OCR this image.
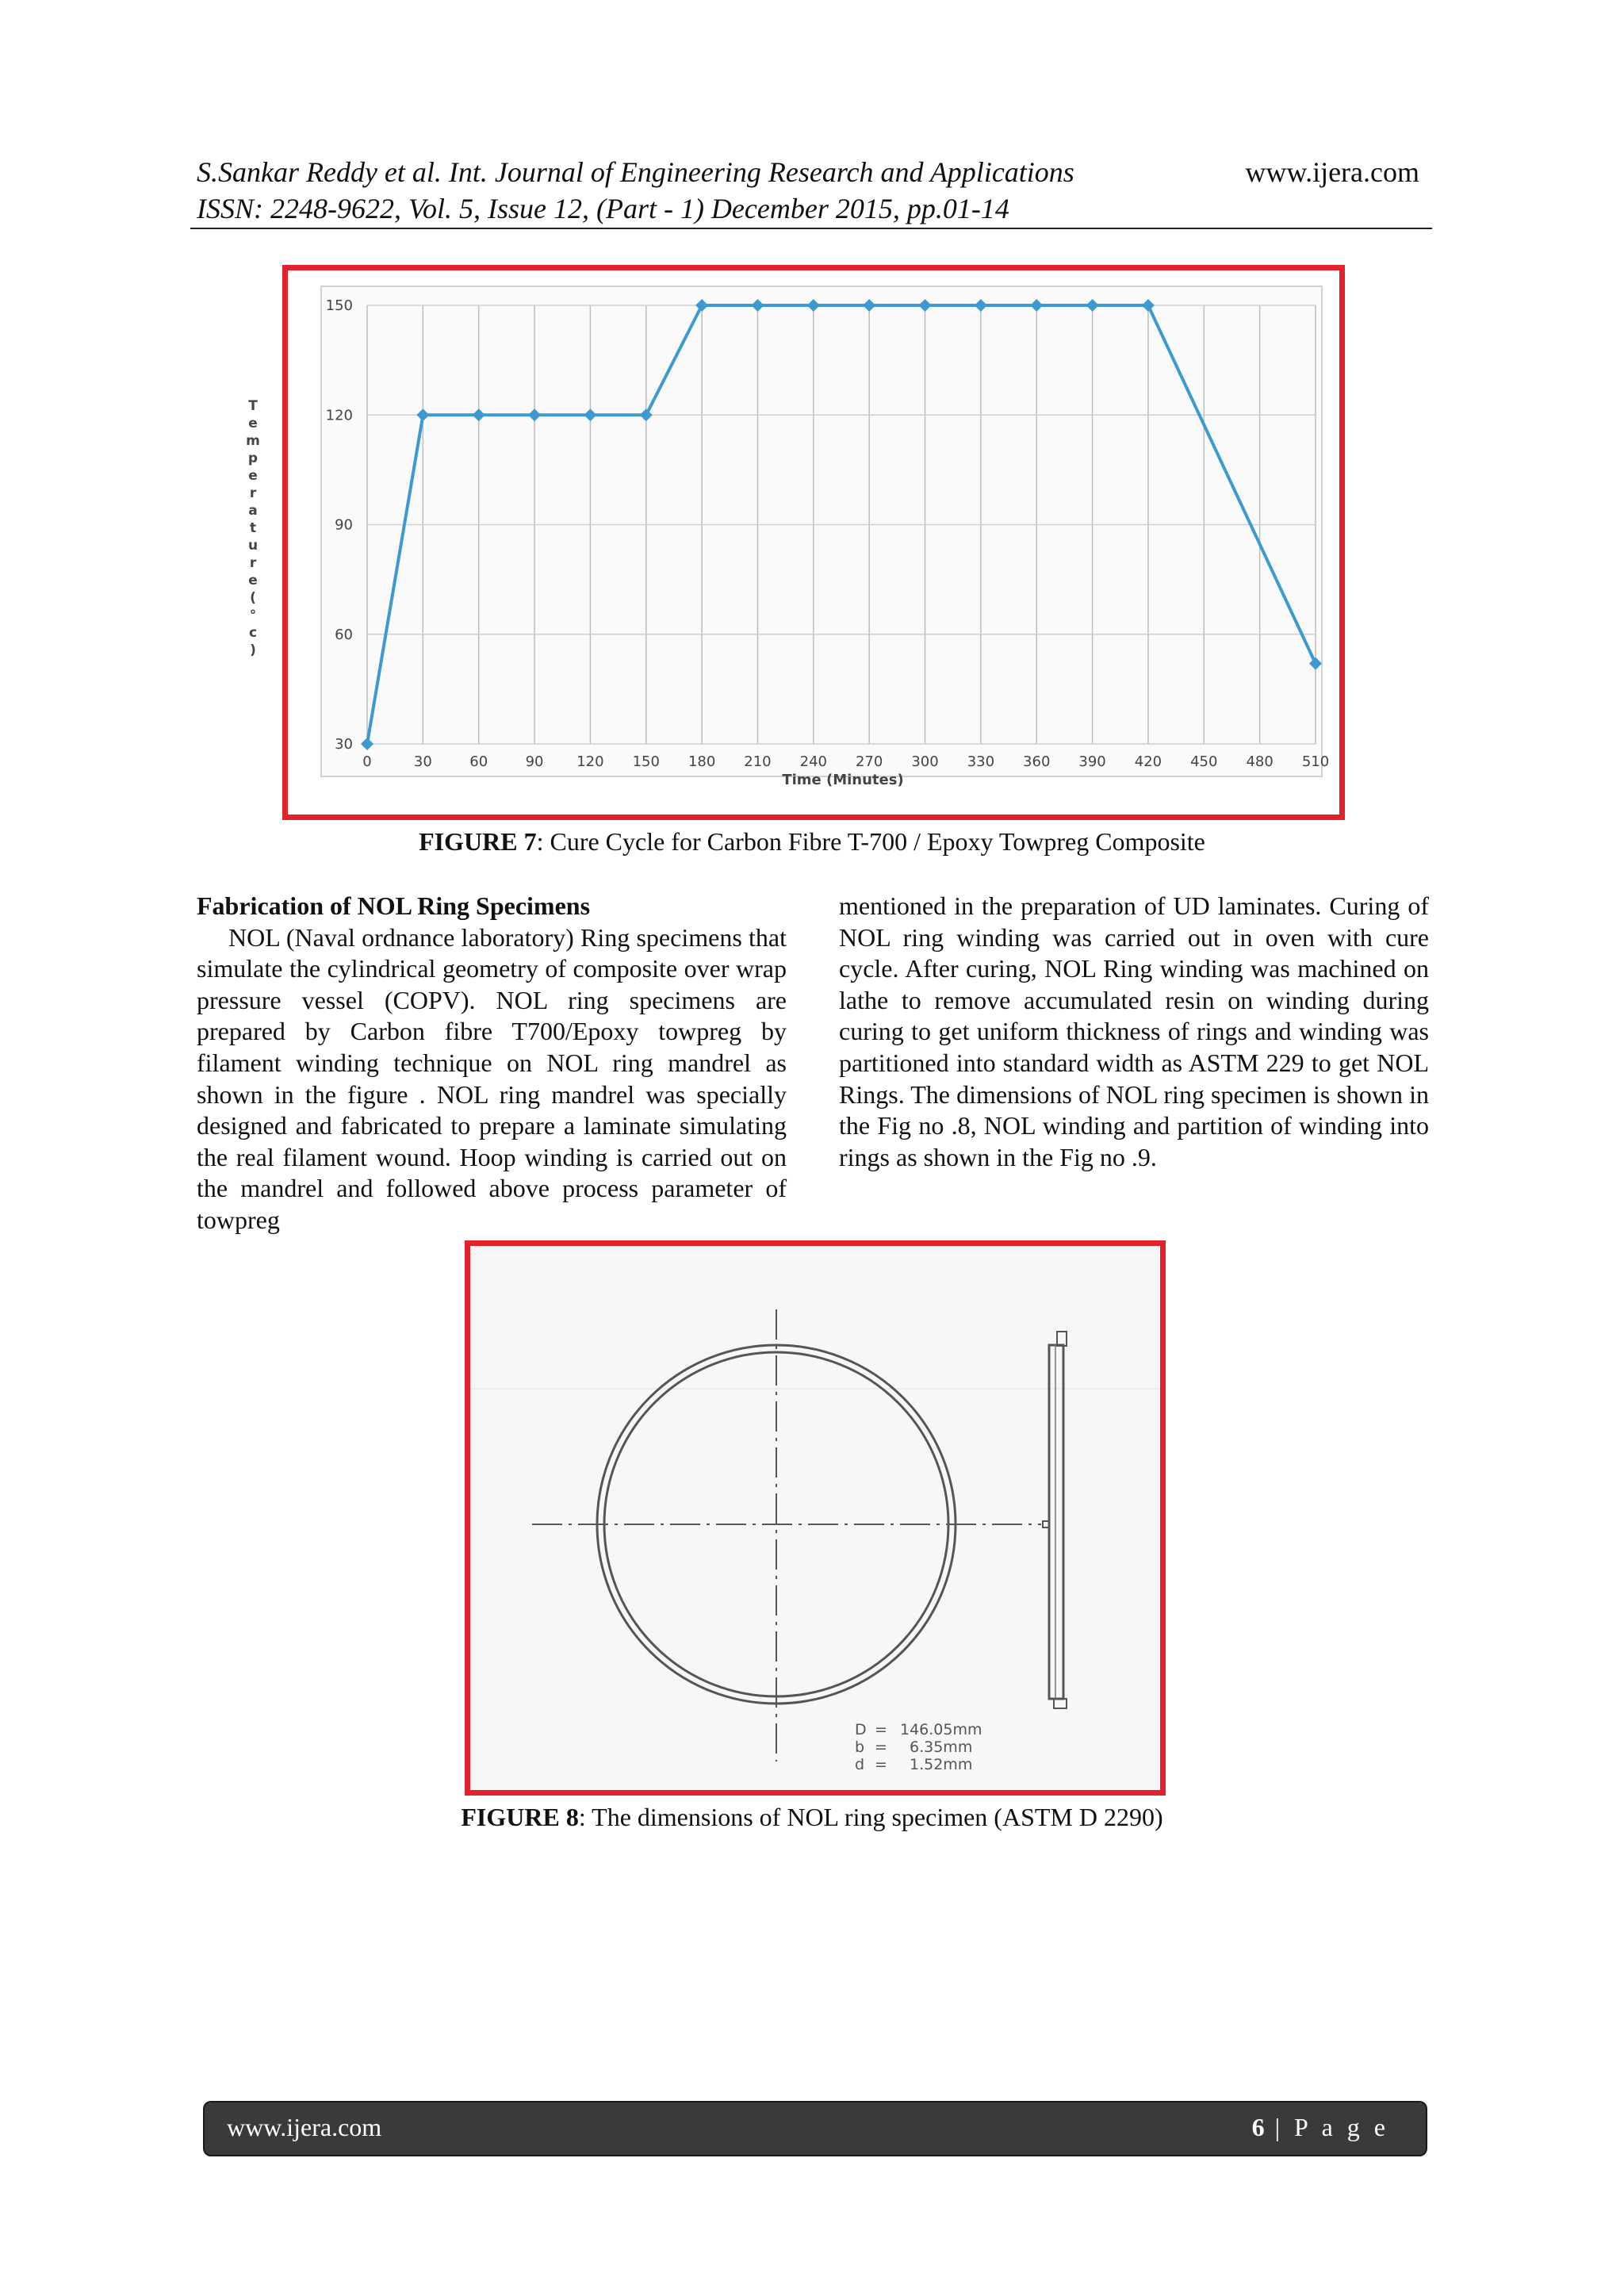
S.Sankar Reddy et al. Int. Journal of Engineering Research and Applications	www.ijera.com
ISSN: 2248-9622, Vol. 5, Issue 12, (Part - 1) December 2015, pp.01-14
30
60
90
120
150
0	30	60	90 120 150 180 210 240 270 300 330 360 390 420 450 480 510
T
e
m
p
e
r
a
t
u
r
e
(
°
c
)
Time (Minutes)
FIGURE 7: Cure Cycle for Carbon Fibre T-700 / Epoxy Towpreg Composite

Fabrication of NOL Ring Specimens

NOL (Naval ordnance laboratory) Ring specimens that simulate the cylindrical geometry of composite over wrap pressure vessel (COPV). NOL ring specimens are prepared by Carbon fibre T700/Epoxy towpreg by filament winding technique on NOL ring mandrel as shown in the figure . NOL ring mandrel was specially designed and fabricated to prepare a laminate simulating the real filament wound. Hoop winding is carried out on the mandrel and followed above process parameter of towpreg

mentioned in the preparation of UD laminates. Curing of NOL ring winding was carried out in oven with cure cycle. After curing, NOL Ring winding was machined on lathe to remove accumulated resin on winding during curing to get uniform thickness of rings and winding was partitioned into standard width as ASTM 229 to get NOL Rings. The dimensions of NOL ring specimen is shown in the Fig no .8, NOL winding and partition of winding into rings as shown in the Fig no .9.

D = 146.05mm
b = 6.35mm
d = 1.52mm
FIGURE 8: The dimensions of NOL ring specimen (ASTM D 2290)
www.ijera.com	6 | P a g e
